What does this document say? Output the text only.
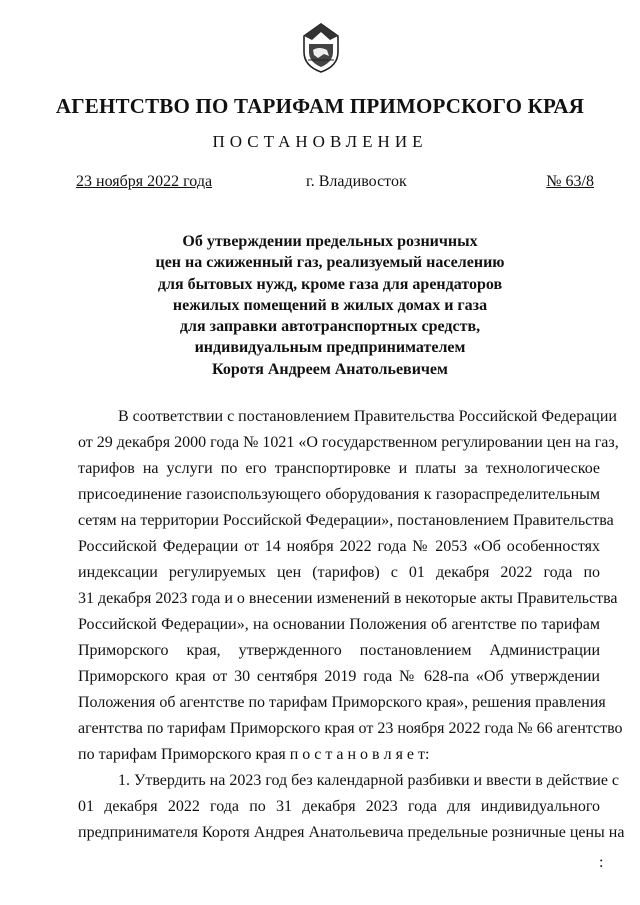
АГЕНТСТВО ПО ТАРИФАМ ПРИМОРСКОГО КРАЯ
ПОСТАНОВЛЕНИЕ
23 ноября 2022 года	г. Владивосток	№ 63/8
Об утверждении предельных розничных
цен на сжиженный газ, реализуемый населению
для бытовых нужд, кроме газа для арендаторов
нежилых помещений в жилых домах и газа
для заправки автотранспортных средств,
индивидуальным предпринимателем
Коротя Андреем Анатольевичем
В соответствии с постановлением Правительства Российской Федерации
от 29 декабря 2000 года № 1021 «О государственном регулировании цен на газ,
тарифов на услуги по его транспортировке и платы за технологическое
присоединение газоиспользующего оборудования к газораспределительным
сетям на территории Российской Федерации», постановлением Правительства
Российской Федерации от 14 ноября 2022 года № 2053 «Об особенностях
индексации регулируемых цен (тарифов) с 01 декабря 2022 года по
31 декабря 2023 года и о внесении изменений в некоторые акты Правительства
Российской Федерации», на основании Положения об агентстве по тарифам
Приморского края, утвержденного постановлением Администрации
Приморского края от 30 сентября 2019 года № 628-па «Об утверждении
Положения об агентстве по тарифам Приморского края», решения правления
агентства по тарифам Приморского края от 23 ноября 2022 года № 66 агентство
по тарифам Приморского края п о с т а н о в л я е т:
1. Утвердить на 2023 год без календарной разбивки и ввести в действие с
01 декабря 2022 года по 31 декабря 2023 года для индивидуального
предпринимателя Коротя Андрея Анатольевича предельные розничные цены на
:
